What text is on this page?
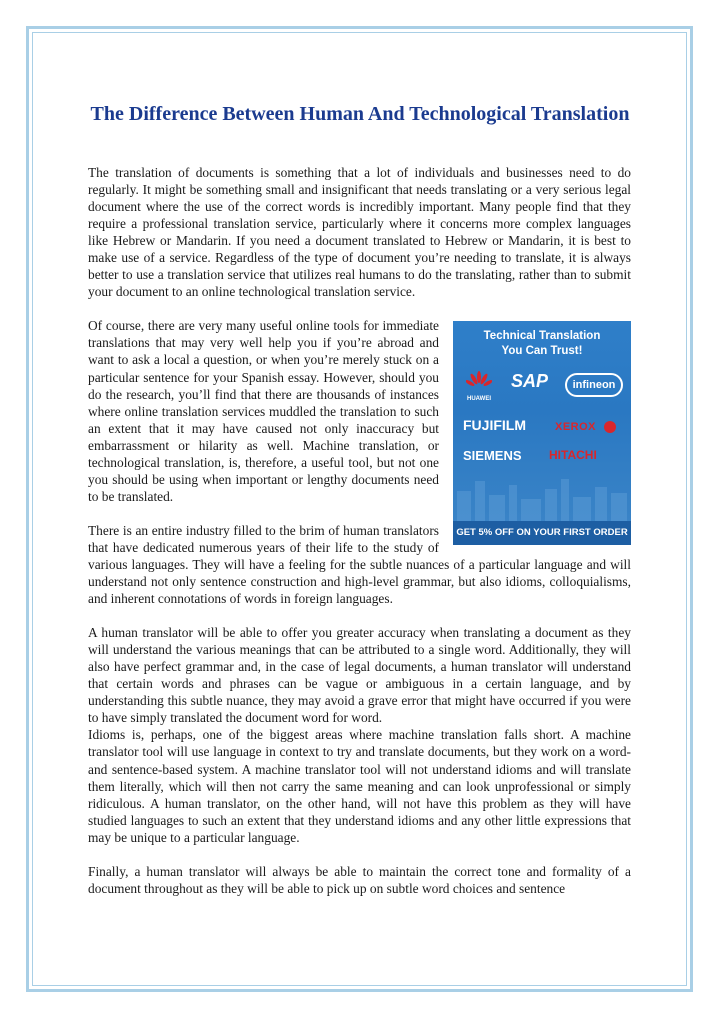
The Difference Between Human And Technological Translation

The translation of documents is something that a lot of individuals and businesses need to do regularly. It might be something small and insignificant that needs translating or a very serious legal document where the use of the correct words is incredibly important. Many people find that they require a professional translation service, particularly where it concerns more complex languages like Hebrew or Mandarin. If you need a document translated to Hebrew or Mandarin, it is best to make use of a service. Regardless of the type of document you’re needing to translate, it is always better to use a translation service that utilizes real humans to do the translating, rather than to submit your document to an online technological translation service.

Technical Translation
You Can Trust!
HUAWEI
SAP	infineon
FUJIFILM	XEROX
SIEMENS HITACHI
GET 5% OFF ON YOUR FIRST ORDER

Of course, there are very many useful online tools for immediate translations that may very well help you if you’re abroad and want to ask a local a question, or when you’re merely stuck on a particular sentence for your Spanish essay. However, should you do the research, you’ll find that there are thousands of instances where online translation services muddled the translation to such an extent that it may have caused not only inaccuracy but embarrassment or hilarity as well. Machine translation, or technological translation, is, therefore, a useful tool, but not one you should be using when important or lengthy documents need to be translated.

There is an entire industry filled to the brim of human translators that have dedicated numerous years of their life to the study of various languages. They will have a feeling for the subtle nuances of a particular language and will understand not only sentence construction and high-level grammar, but also idioms, colloquialisms, and inherent connotations of words in foreign languages.

A human translator will be able to offer you greater accuracy when translating a document as they will understand the various meanings that can be attributed to a single word. Additionally, they will also have perfect grammar and, in the case of legal documents, a human translator will understand that certain words and phrases can be vague or ambiguous in a certain language, and by understanding this subtle nuance, they may avoid a grave error that might have occurred if you were to have simply translated the document word for word.

Idioms is, perhaps, one of the biggest areas where machine translation falls short. A machine translator tool will use language in context to try and translate documents, but they work on a word- and sentence-based system. A machine translator tool will not understand idioms and will translate them literally, which will then not carry the same meaning and can look unprofessional or simply ridiculous. A human translator, on the other hand, will not have this problem as they will have studied languages to such an extent that they understand idioms and any other little expressions that may be unique to a particular language.

Finally, a human translator will always be able to maintain the correct tone and formality of a document throughout as they will be able to pick up on subtle word choices and sentence
